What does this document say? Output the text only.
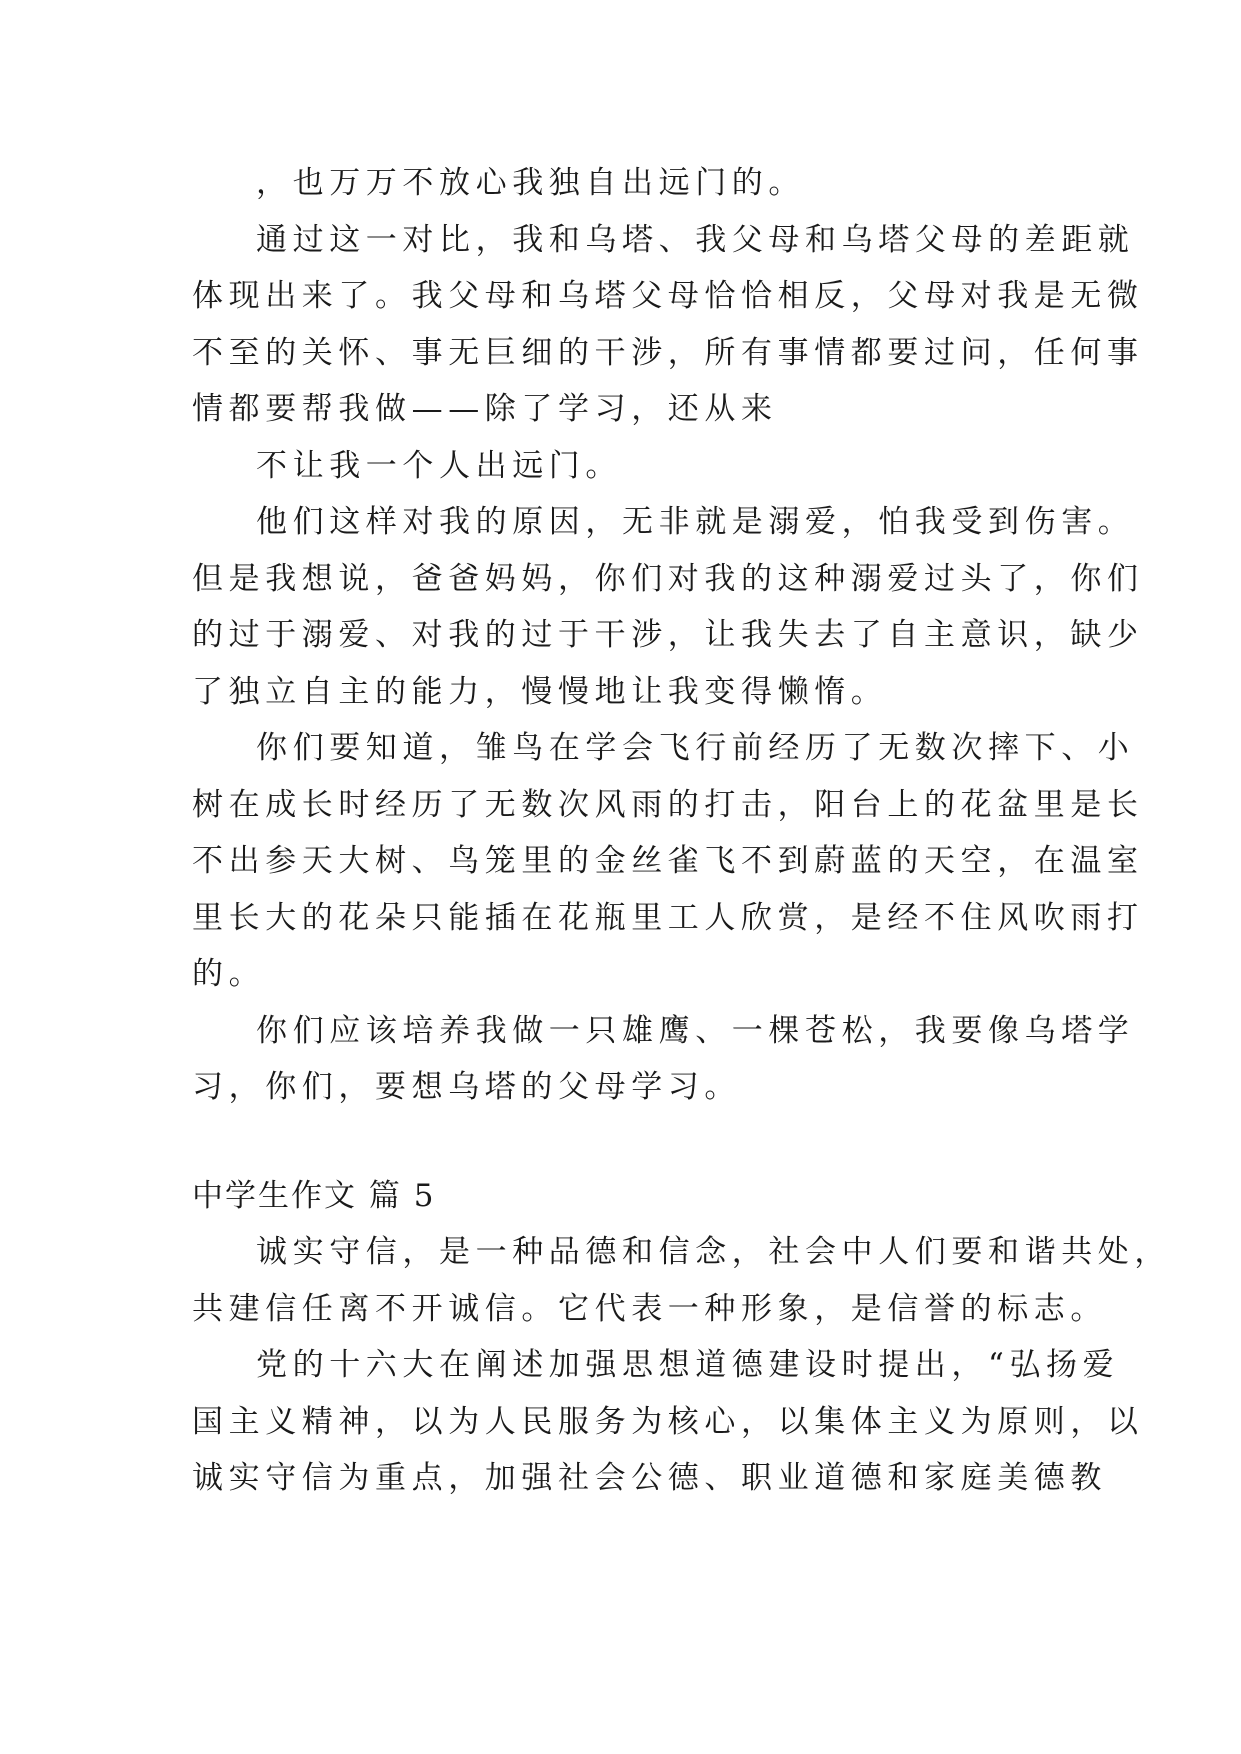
，也万万不放心我独自出远门的。

通过这一对比，我和乌塔、我父母和乌塔父母的差距就

体现出来了。我父母和乌塔父母恰恰相反，父母对我是无微

不至的关怀、事无巨细的干涉，所有事情都要过问，任何事

情都要帮我做——除了学习，还从来

不让我一个人出远门。

他们这样对我的原因，无非就是溺爱，怕我受到伤害。

但是我想说，爸爸妈妈，你们对我的这种溺爱过头了，你们

的过于溺爱、对我的过于干涉，让我失去了自主意识，缺少

了独立自主的能力，慢慢地让我变得懒惰。

你们要知道，雏鸟在学会飞行前经历了无数次摔下、小

树在成长时经历了无数次风雨的打击，阳台上的花盆里是长

不出参天大树、鸟笼里的金丝雀飞不到蔚蓝的天空，在温室

里长大的花朵只能插在花瓶里工人欣赏，是经不住风吹雨打

的。

你们应该培养我做一只雄鹰、一棵苍松，我要像乌塔学

习，你们，要想乌塔的父母学习。

中学生作文 篇 5

诚实守信，是一种品德和信念，社会中人们要和谐共处，

共建信任离不开诚信。它代表一种形象，是信誉的标志。

党的十六大在阐述加强思想道德建设时提出，“弘扬爱

国主义精神，以为人民服务为核心，以集体主义为原则，以

诚实守信为重点，加强社会公德、职业道德和家庭美德教
